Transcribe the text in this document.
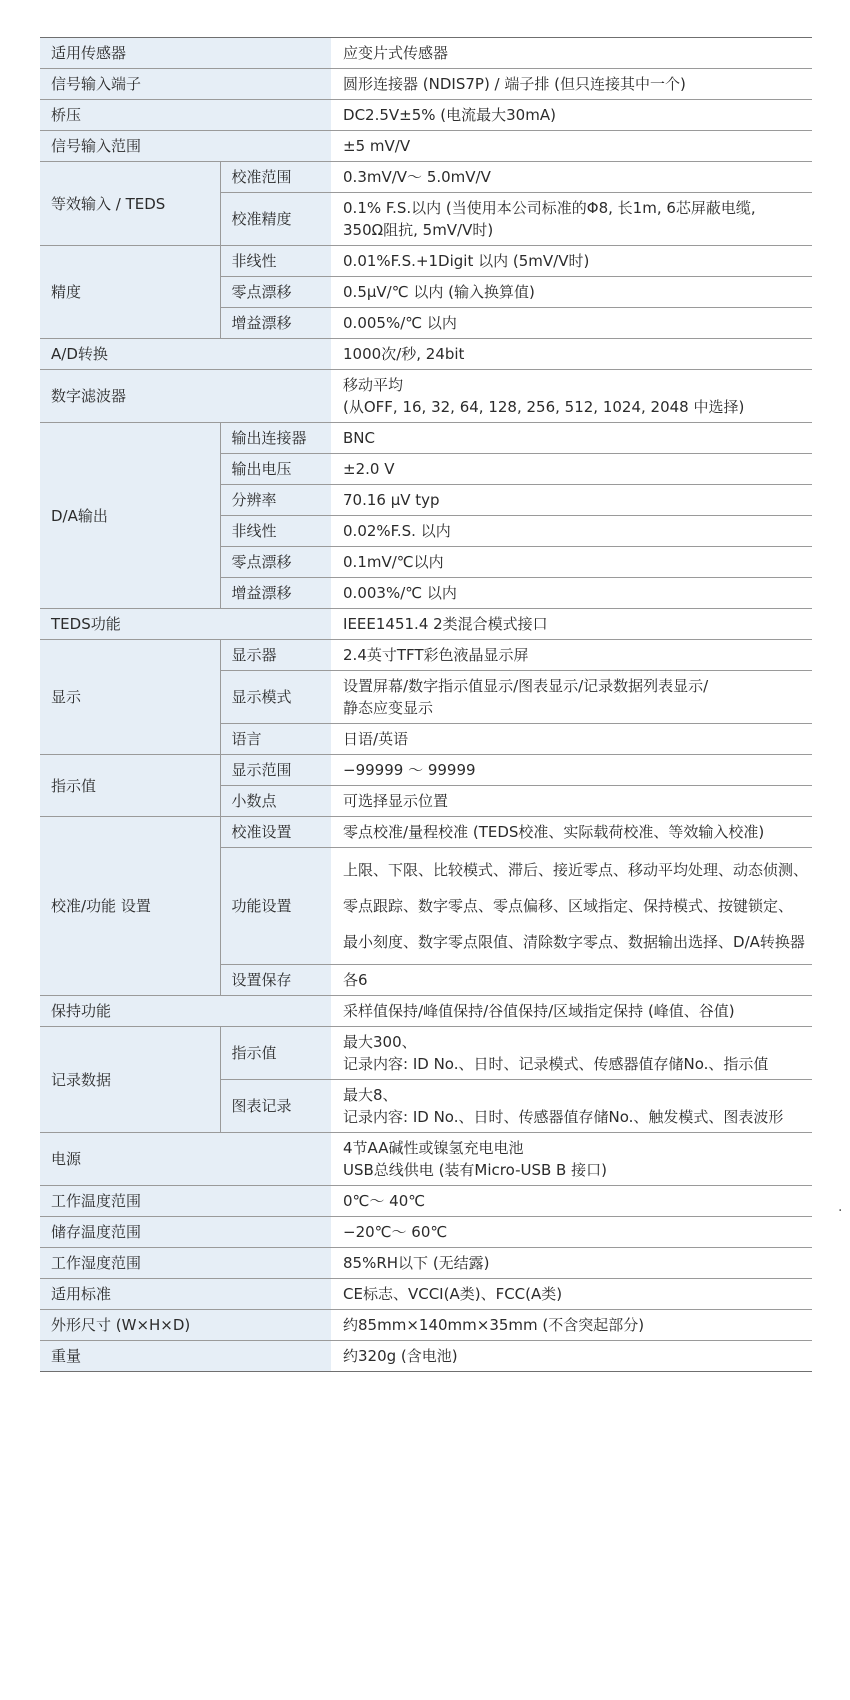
适用传感器		应变片式传感器

信号输入端子		圆形连接器 (NDIS7P) / 端子排 (但只连接其中一个)

桥压		DC2.5V±5% (电流最大30mA)

信号输入范围		±5 mV/V

等效输入 / TEDS	校准范围	0.3mV/V～ 5.0mV/V

	校准精度	0.1% F.S.以内 (当使用本公司标准的Φ8, 长1m, 6芯屏蔽电缆,
350Ω阻抗, 5mV/V时)

精度	非线性	0.01%F.S.+1Digit 以内 (5mV/V时)

	零点漂移	0.5μV/℃ 以内 (输入换算值)

	增益漂移	0.005%/℃ 以内

A/D转换		1000次/秒, 24bit

数字滤波器		移动平均
(从OFF, 16, 32, 64, 128, 256, 512, 1024, 2048 中选择)

D/A输出	输出连接器	BNC

	输出电压	±2.0 V

	分辨率	70.16 μV typ

	非线性	0.02%F.S. 以内

	零点漂移	0.1mV/℃以内

	增益漂移	0.003%/℃ 以内

TEDS功能		IEEE1451.4 2类混合模式接口

显示	显示器	2.4英寸TFT彩色液晶显示屏

	显示模式	设置屏幕/数字指示值显示/图表显示/记录数据列表显示/
静态应变显示

	语言	日语/英语

指示值	显示范围	−99999 ～ 99999

	小数点	可选择显示位置

校准/功能 设置	校准设置	零点校准/量程校准 (TEDS校准、实际载荷校准、等效输入校准)

	功能设置	上限、下限、比较模式、滞后、接近零点、移动平均处理、动态侦测、
零点跟踪、数字零点、零点偏移、区域指定、保持模式、按键锁定、
最小刻度、数字零点限值、清除数字零点、数据输出选择、D/A转换器

	设置保存	各6

保持功能		采样值保持/峰值保持/谷值保持/区域指定保持 (峰值、谷值)

记录数据	指示值	最大300、
记录内容: ID No.、日时、记录模式、传感器值存储No.、指示值

	图表记录	最大8、
记录内容: ID No.、日时、传感器值存储No.、触发模式、图表波形

电源		4节AA碱性或镍氢充电电池
USB总线供电 (装有Micro-USB B 接口)

工作温度范围		0℃～ 40℃

储存温度范围		−20℃～ 60℃

工作湿度范围		85%RH以下 (无结露)

适用标准		CE标志、VCCI(A类)、FCC(A类)

外形尺寸 (W×H×D)		约85mm×140mm×35mm (不含突起部分)

重量		约320g (含电池)
·
